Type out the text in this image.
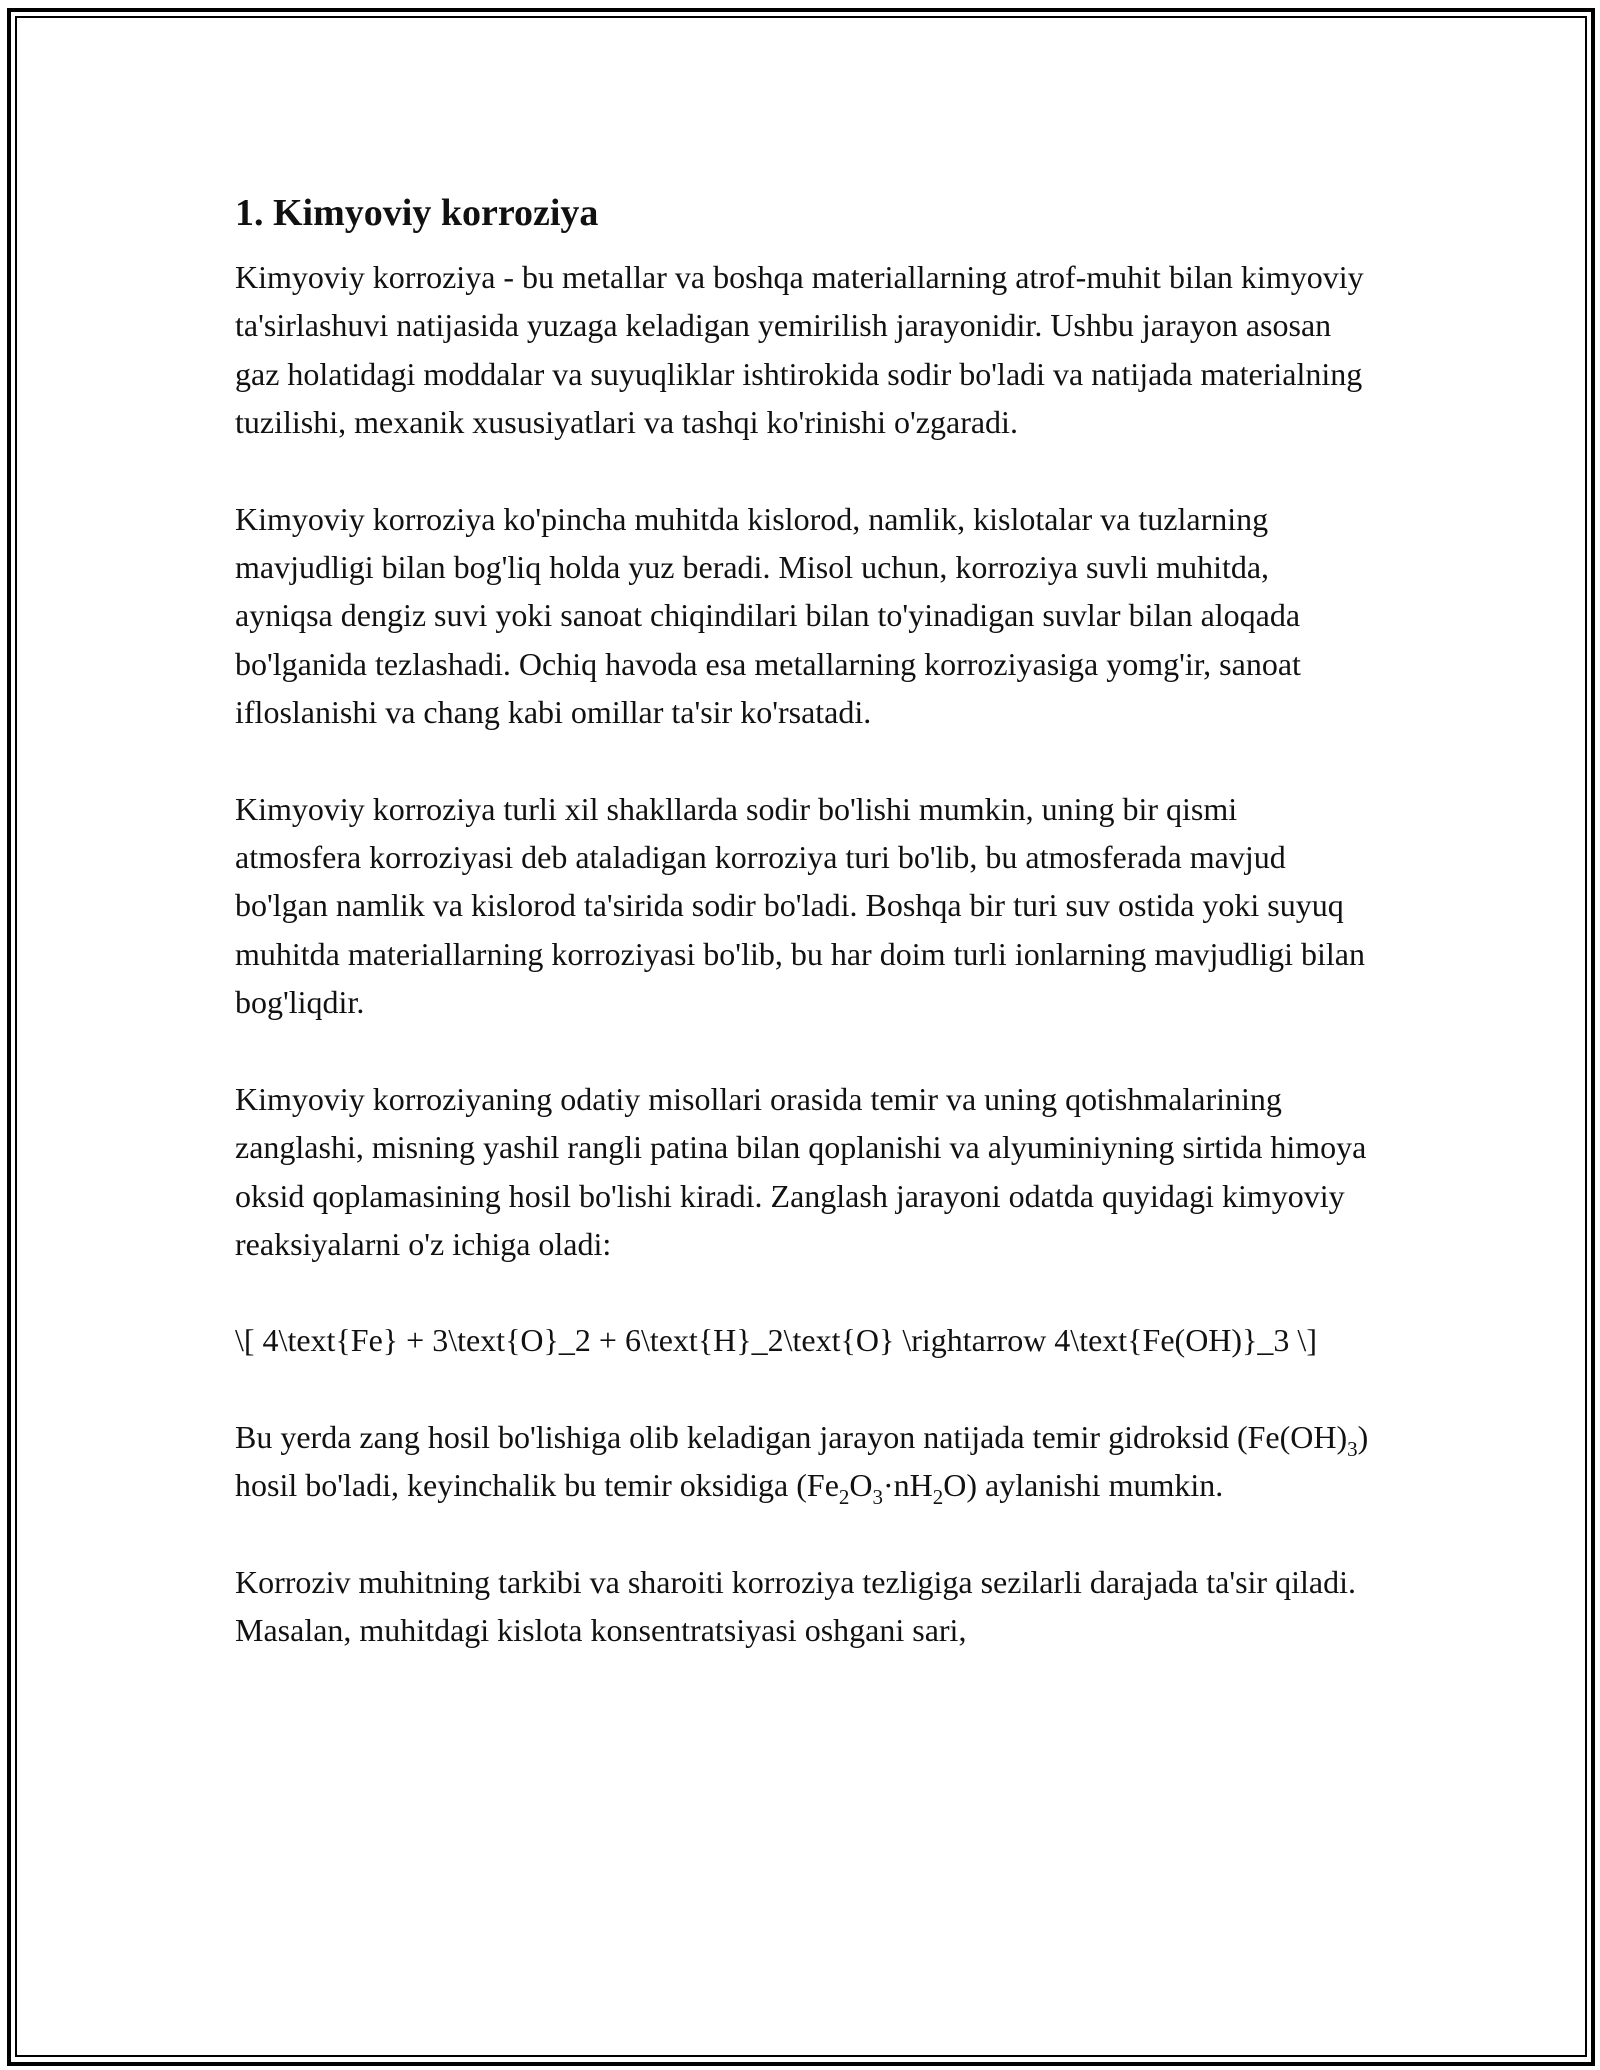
1. Kimyoviy korroziya

Kimyoviy korroziya - bu metallar va boshqa materiallarning atrof-muhit bilan kimyoviy ta'sirlashuvi natijasida yuzaga keladigan yemirilish jarayonidir. Ushbu jarayon asosan gaz holatidagi moddalar va suyuqliklar ishtirokida sodir bo'ladi va natijada materialning tuzilishi, mexanik xususiyatlari va tashqi ko'rinishi o'zgaradi.

Kimyoviy korroziya ko'pincha muhitda kislorod, namlik, kislotalar va tuzlarning mavjudligi bilan bog'liq holda yuz beradi. Misol uchun, korroziya suvli muhitda, ayniqsa dengiz suvi yoki sanoat chiqindilari bilan to'yinadigan suvlar bilan aloqada bo'lganida tezlashadi. Ochiq havoda esa metallarning korroziyasiga yomg'ir, sanoat ifloslanishi va chang kabi omillar ta'sir ko'rsatadi.

Kimyoviy korroziya turli xil shakllarda sodir bo'lishi mumkin, uning bir qismi atmosfera korroziyasi deb ataladigan korroziya turi bo'lib, bu atmosferada mavjud bo'lgan namlik va kislorod ta'sirida sodir bo'ladi. Boshqa bir turi suv ostida yoki suyuq muhitda materiallarning korroziyasi bo'lib, bu har doim turli ionlarning mavjudligi bilan bog'liqdir.

Kimyoviy korroziyaning odatiy misollari orasida temir va uning qotishmalarining zanglashi, misning yashil rangli patina bilan qoplanishi va alyuminiyning sirtida himoya oksid qoplamasining hosil bo'lishi kiradi. Zanglash jarayoni odatda quyidagi kimyoviy reaksiyalarni o'z ichiga oladi:

\[ 4\text{Fe} + 3\text{O}_2 + 6\text{H}_2\text{O} \rightarrow 4\text{Fe(OH)}_3 \]

Bu yerda zang hosil bo'lishiga olib keladigan jarayon natijada temir gidroksid $(Fe(OH)_3)$ hosil bo'ladi, keyinchalik bu temir oksidiga $(Fe_2O_3\cdot nH_2O)$ aylanishi mumkin.

Korroziv muhitning tarkibi va sharoiti korroziya tezligiga sezilarli darajada ta'sir qiladi. Masalan, muhitdagi kislota konsentratsiyasi oshgani sari,
